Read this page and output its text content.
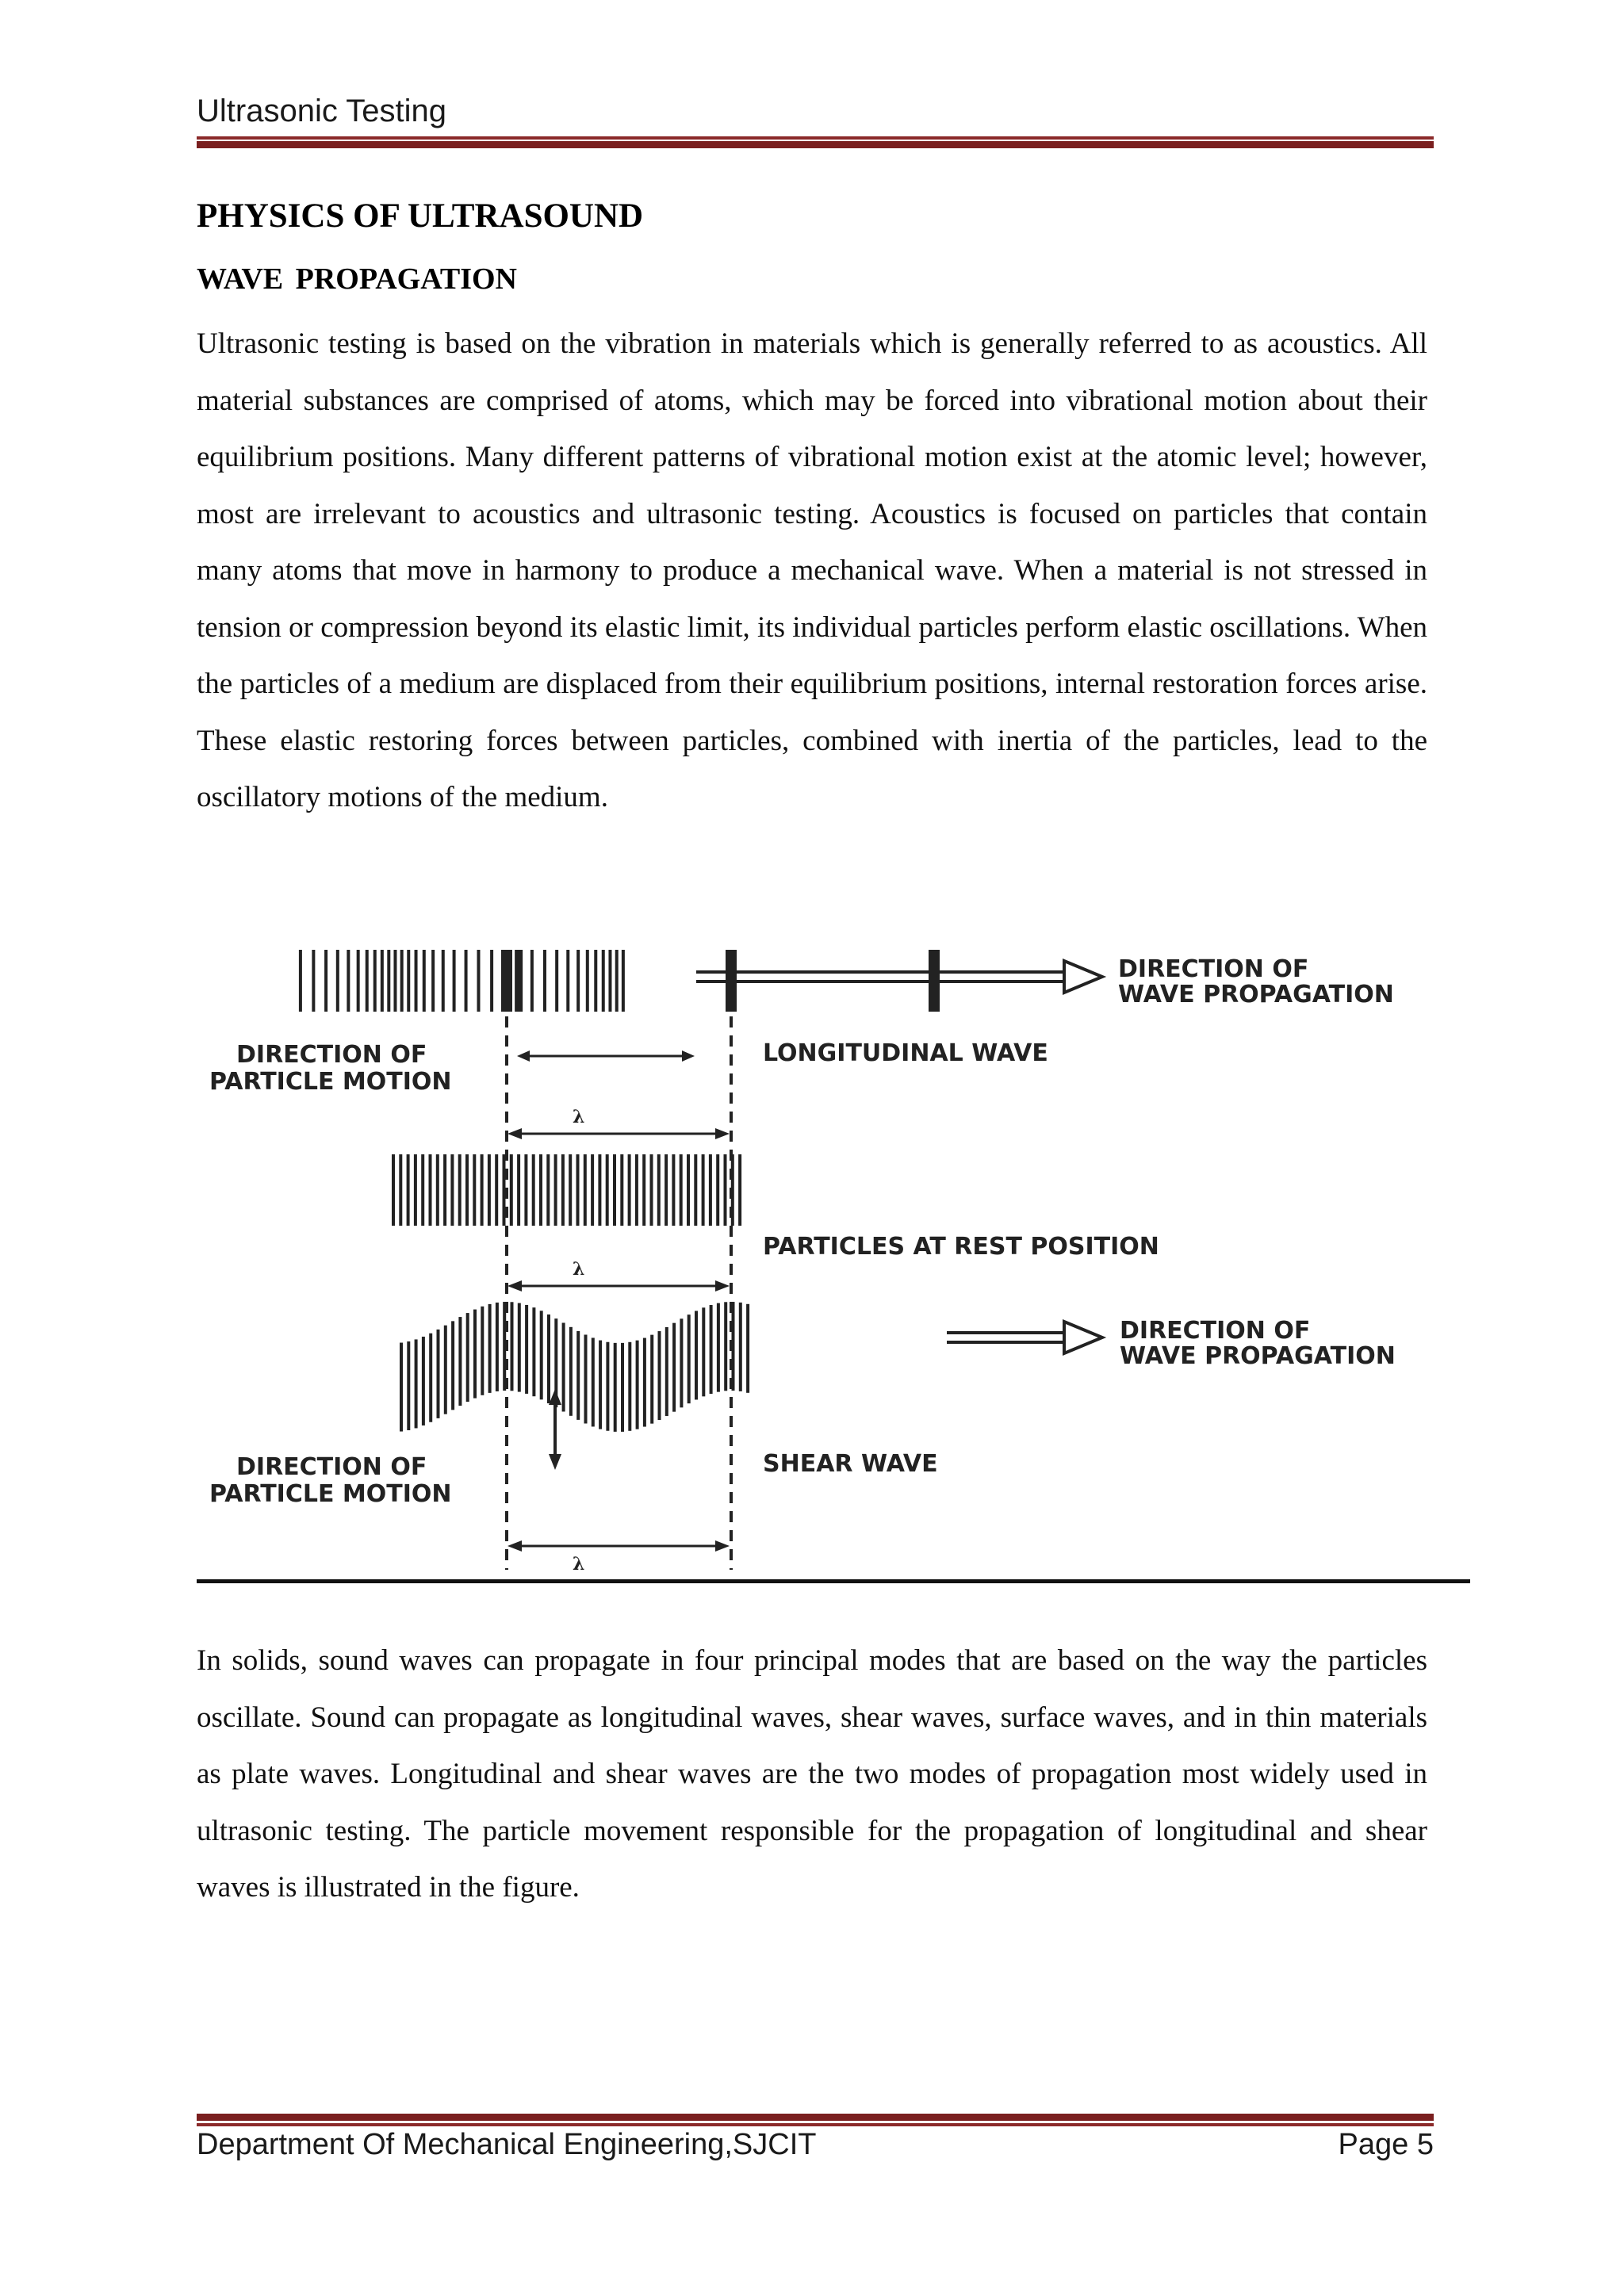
Ultrasonic Testing
PHYSICS OF ULTRASOUND
WAVE PROPAGATION

Ultrasonic testing is based on the vibration in materials which is generally referred to as acoustics. All material substances are comprised of atoms, which may be forced into vibrational motion about their equilibrium positions. Many different patterns of vibrational motion exist at the atomic level; however, most are irrelevant to acoustics and ultrasonic testing. Acoustics is focused on particles that contain many atoms that move in harmony to produce a mechanical wave. When a material is not stressed in tension or compression beyond its elastic limit, its individual particles perform elastic oscillations. When the particles of a medium are displaced from their equilibrium positions, internal restoration forces arise. These elastic restoring forces between particles, combined with inertia of the particles, lead to the oscillatory motions of the medium.

DIRECTION OF
WAVE PROPAGATION
DIRECTION OF
PARTICLE MOTION
LONGITUDINAL WAVE
λ
PARTICLES AT REST POSITION
λ
DIRECTION OF
WAVE PROPAGATION
DIRECTION OF
PARTICLE MOTION
SHEAR WAVE
λ

In solids, sound waves can propagate in four principal modes that are based on the way the particles oscillate. Sound can propagate as longitudinal waves, shear waves, surface waves, and in thin materials as plate waves. Longitudinal and shear waves are the two modes of propagation most widely used in ultrasonic testing. The particle movement responsible for the propagation of longitudinal and shear waves is illustrated in the figure.

Department Of Mechanical Engineering,SJCIT	Page 5
